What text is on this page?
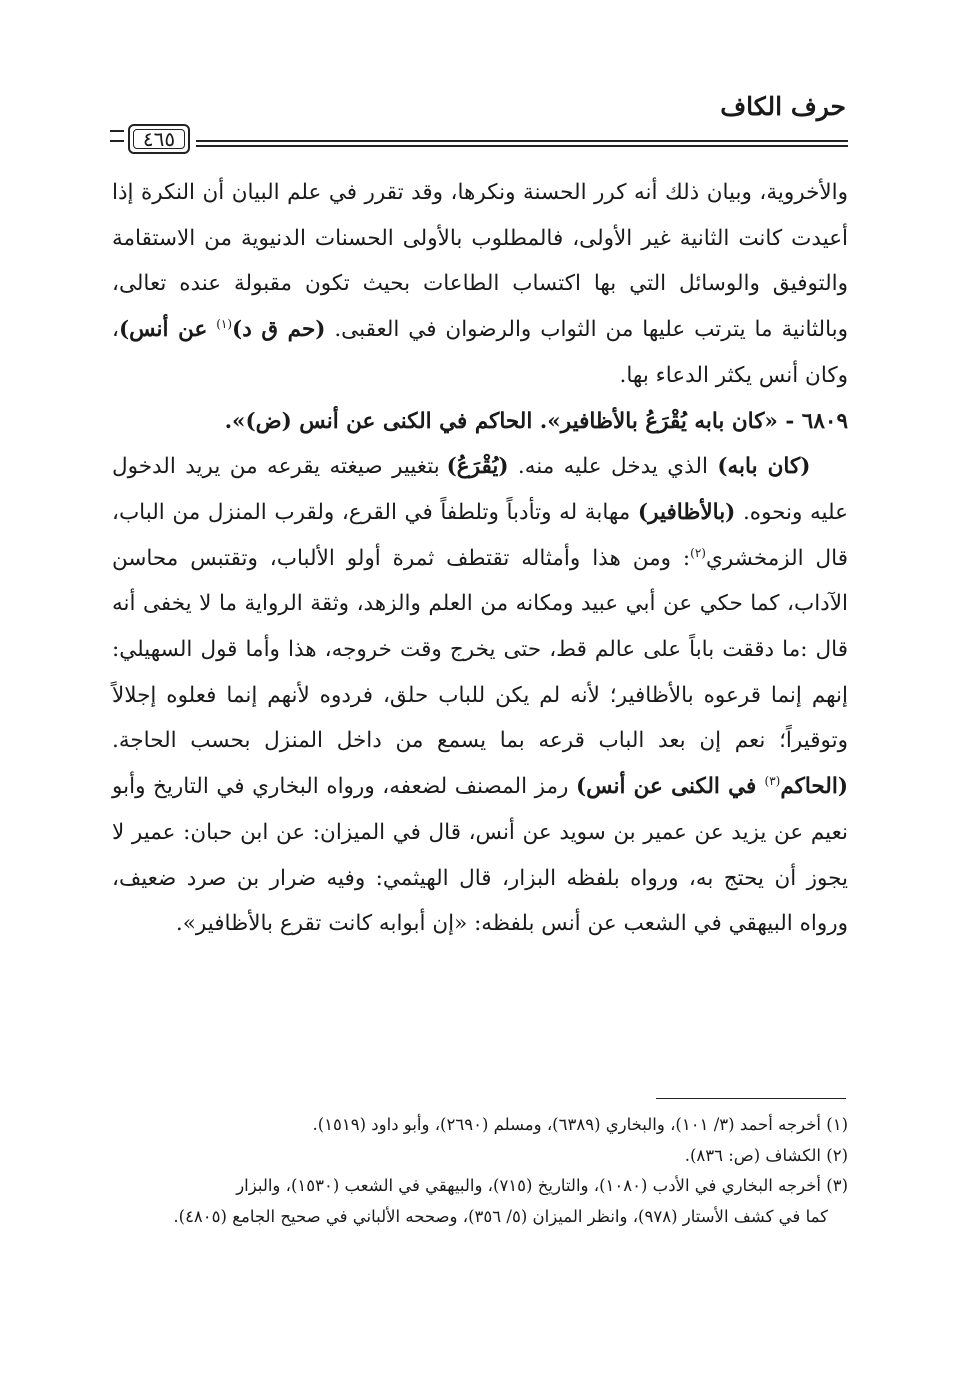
حرف الكاف
٤٦٥

والأخروية، وبيان ذلك أنه كرر الحسنة ونكرها، وقد تقرر في علم البيان أن النكرة إذا أعيدت كانت الثانية غير الأولى، فالمطلوب بالأولى الحسنات الدنيوية من الاستقامة والتوفيق والوسائل التي بها اكتساب الطاعات بحيث تكون مقبولة عنده تعالى، وبالثانية ما يترتب عليها من الثواب والرضوان في العقبى. (حم ق د)$^{(١)}$ عن أنس)، وكان أنس يكثر الدعاء بها.

٦٨٠٩ - «كان بابه يُقْرَعُ بالأظافير». الحاكم في الكنى عن أنس (ض)».

(كان بابه) الذي يدخل عليه منه. (يُقْرَعُ) بتغيير صيغته يقرعه من يريد الدخول عليه ونحوه. (بالأظافير) مهابة له وتأدباً وتلطفاً في القرع، ولقرب المنزل من الباب، قال الزمخشري$^{(٢)}$: ومن هذا وأمثاله تقتطف ثمرة أولو الألباب، وتقتبس محاسن الآداب، كما حكي عن أبي عبيد ومكانه من العلم والزهد، وثقة الرواية ما لا يخفى أنه قال :ما دققت باباً على عالم قط، حتى يخرج وقت خروجه، هذا وأما قول السهيلي: إنهم إنما قرعوه بالأظافير؛ لأنه لم يكن للباب حلق، فردوه لأنهم إنما فعلوه إجلالاً وتوقيراً؛ نعم إن بعد الباب قرعه بما يسمع من داخل المنزل بحسب الحاجة. (الحاكم$^{(٣)}$ في الكنى عن أنس) رمز المصنف لضعفه، ورواه البخاري في التاريخ وأبو نعيم عن يزيد عن عمير بن سويد عن أنس، قال في الميزان: عن ابن حبان: عمير لا يجوز أن يحتج به، ورواه بلفظه البزار، قال الهيثمي: وفيه ضرار بن صرد ضعيف، ورواه البيهقي في الشعب عن أنس بلفظه: «إن أبوابه كانت تقرع بالأظافير».

(١) أخرجه أحمد (٣/ ١٠١)، والبخاري (٦٣٨٩)، ومسلم (٢٦٩٠)، وأبو داود (١٥١٩).

(٢) الكشاف (ص: ٨٣٦).

(٣) أخرجه البخاري في الأدب (١٠٨٠)، والتاريخ (٧١٥)، والبيهقي في الشعب (١٥٣٠)، والبزار

كما في كشف الأستار (٩٧٨)، وانظر الميزان (٥/ ٣٥٦)، وصححه الألباني في صحيح الجامع (٤٨٠٥).
